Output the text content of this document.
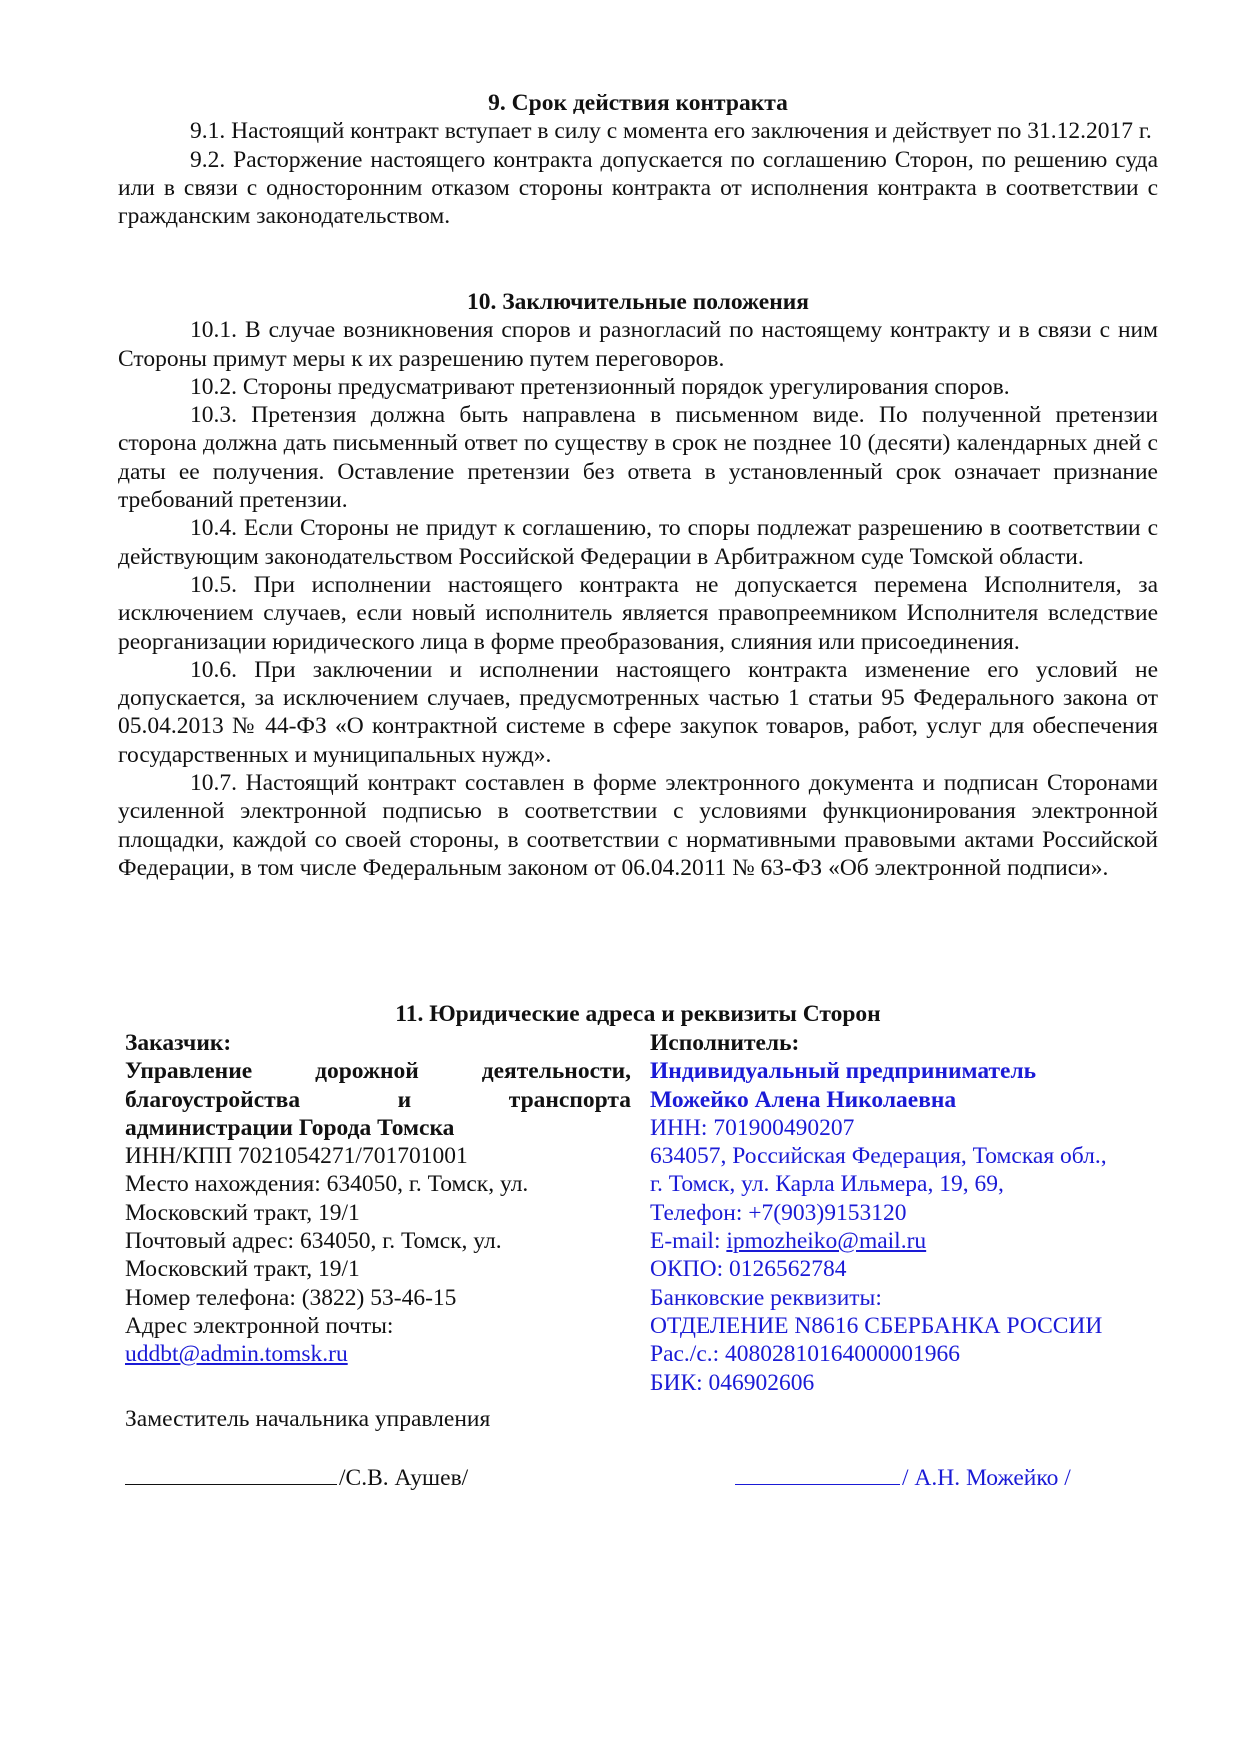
9. Срок действия контракта

9.1. Настоящий контракт вступает в силу с момента его заключения и действует по 31.12.2017 г.

9.2. Расторжение настоящего контракта допускается по соглашению Сторон, по решению суда или в связи с односторонним отказом стороны контракта от исполнения контракта в соответствии с гражданским законодательством.

10. Заключительные положения

10.1. В случае возникновения споров и разногласий по настоящему контракту и в связи с ним Стороны примут меры к их разрешению путем переговоров.

10.2. Стороны предусматривают претензионный порядок урегулирования споров.

10.3. Претензия должна быть направлена в письменном виде. По полученной претензии сторона должна дать письменный ответ по существу в срок не позднее 10 (десяти) календарных дней с даты ее получения. Оставление претензии без ответа в установленный срок означает признание требований претензии.

10.4. Если Стороны не придут к соглашению, то споры подлежат разрешению в соответствии с действующим законодательством Российской Федерации в Арбитражном суде Томской области.

10.5. При исполнении настоящего контракта не допускается перемена Исполнителя, за исключением случаев, если новый исполнитель является правопреемником Исполнителя вследствие реорганизации юридического лица в форме преобразования, слияния или присоединения.

10.6. При заключении и исполнении настоящего контракта изменение его условий не допускается, за исключением случаев, предусмотренных частью 1 статьи 95 Федерального закона от 05.04.2013 № 44-ФЗ «О контрактной системе в сфере закупок товаров, работ, услуг для обеспечения государственных и муниципальных нужд».

10.7. Настоящий контракт составлен в форме электронного документа и подписан Сторонами усиленной электронной подписью в соответствии с условиями функционирования электронной площадки, каждой со своей стороны, в соответствии с нормативными правовыми актами Российской Федерации, в том числе Федеральным законом от 06.04.2011 № 63-ФЗ «Об электронной подписи».

11. Юридические адреса и реквизиты Сторон

Заказчик:

Управление дорожной деятельности,

благоустройства и транспорта

администрации Города Томска

ИНН/КПП 7021054271/701701001

Место нахождения: 634050, г. Томск, ул.

Московский тракт, 19/1

Почтовый адрес: 634050, г. Томск, ул.

Московский тракт, 19/1

Номер телефона: (3822) 53-46-15

Адрес электронной почты:

uddbt@admin.tomsk.ru

Исполнитель:

Индивидуальный предприниматель

Можейко Алена Николаевна

ИНН: 701900490207

634057, Российская Федерация, Томская обл.,

г. Томск, ул. Карла Ильмера, 19, 69,

Телефон: +7(903)9153120

E-mail: ipmozheiko@mail.ru

ОКПО: 0126562784

Банковские реквизиты:

ОТДЕЛЕНИЕ N8616 СБЕРБАНКА РОССИИ

Рас./с.: 40802810164000001966

БИК: 046902606

Заместитель начальника управления

/С.В. Аушев/	/ А.Н. Можейко /
